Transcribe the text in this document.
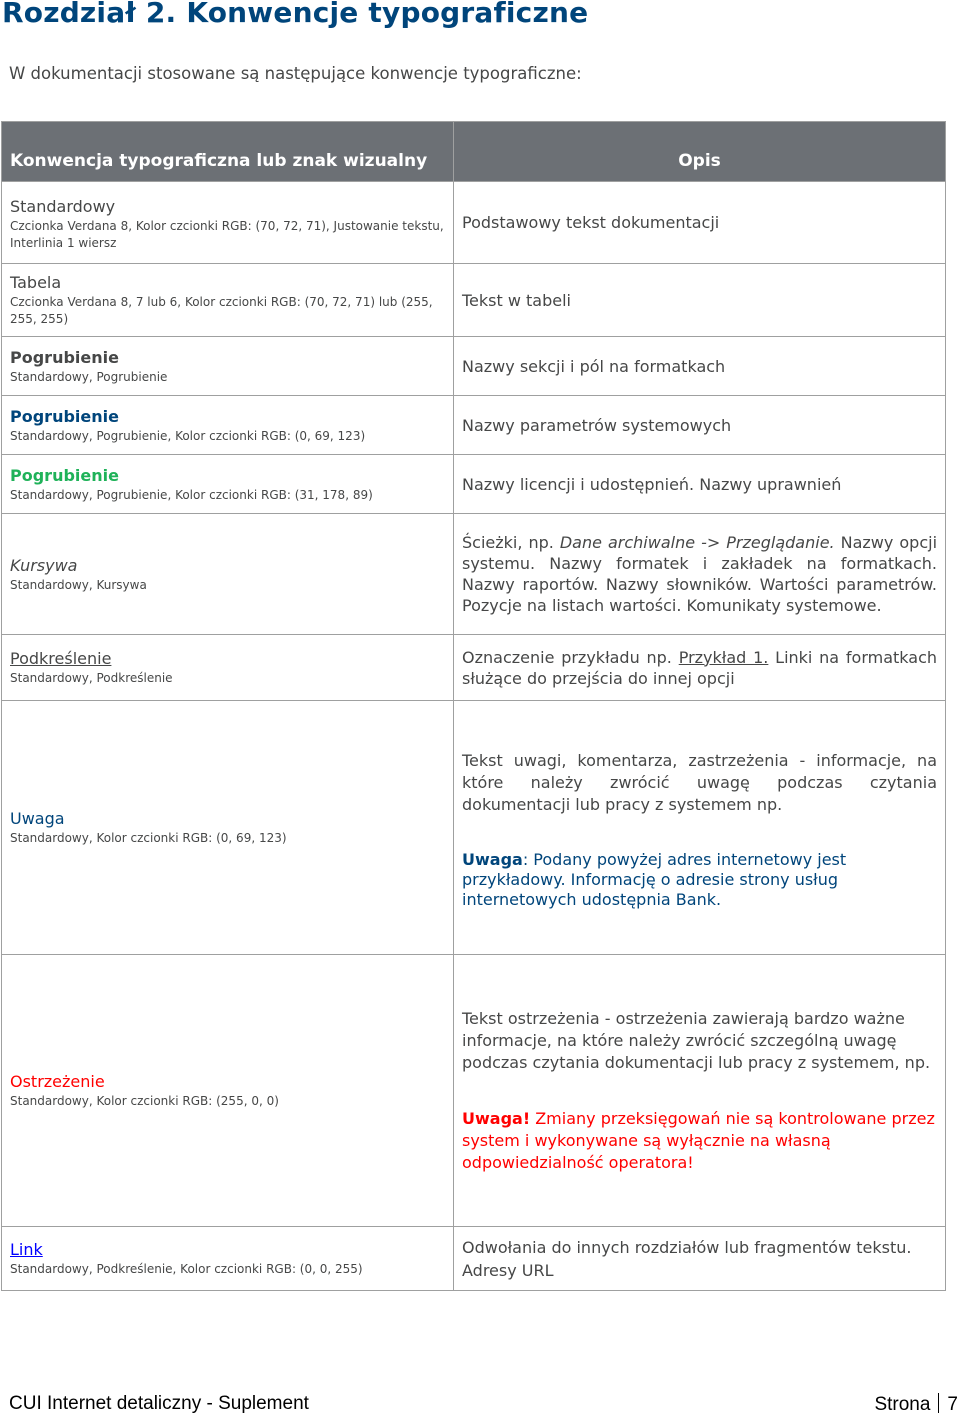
Rozdział 2. Konwencje typograficzne
W dokumentacji stosowane są następujące konwencje typograficzne:
Konwencja typograficzna lub znak wizualny	Opis

Standardowy
Czcionka Verdana 8, Kolor czcionki RGB: (70, 72, 71), Justowanie tekstu, Interlinia 1 wiersz	Podstawowy tekst dokumentacji

Tabela
Czcionka Verdana 8, 7 lub 6, Kolor czcionki RGB: (70, 72, 71) lub (255, 255, 255)	Tekst w tabeli

Pogrubienie
Standardowy, Pogrubienie	Nazwy sekcji i pól na formatkach

Pogrubienie
Standardowy, Pogrubienie, Kolor czcionki RGB: (0, 69, 123)	Nazwy parametrów systemowych

Pogrubienie
Standardowy, Pogrubienie, Kolor czcionki RGB: (31, 178, 89)	Nazwy licencji i udostępnień. Nazwy uprawnień

Kursywa
Standardowy, Kursywa	Ścieżki, np. Dane archiwalne -> Przeglądanie. Nazwy opcji systemu. Nazwy formatek i zakładek na formatkach. Nazwy raportów. Nazwy słowników. Wartości parametrów. Pozycje na listach wartości. Komunikaty systemowe.

Podkreślenie
Standardowy, Podkreślenie	Oznaczenie przykładu np. Przykład 1. Linki na formatkach służące do przejścia do innej opcji

Uwaga
Standardowy, Kolor czcionki RGB: (0, 69, 123)	Tekst uwagi, komentarza, zastrzeżenia - informacje, na które należy zwrócić uwagę podczas czytania dokumentacji lub pracy z systemem np.
Uwaga: Podany powyżej adres internetowy jest przykładowy. Informację o adresie strony usług internetowych udostępnia Bank.

Ostrzeżenie
Standardowy, Kolor czcionki RGB: (255, 0, 0)	Tekst ostrzeżenia - ostrzeżenia zawierają bardzo ważne informacje, na które należy zwrócić szczególną uwagę podczas czytania dokumentacji lub pracy z systemem, np.
Uwaga! Zmiany przeksięgowań nie są kontrolowane przez system i wykonywane są wyłącznie na własną odpowiedzialność operatora!

Link
Standardowy, Podkreślenie, Kolor czcionki RGB: (0, 0, 255)	Odwołania do innych rozdziałów lub fragmentów tekstu. Adresy URL
CUI Internet detaliczny - Suplement	Strona 7
